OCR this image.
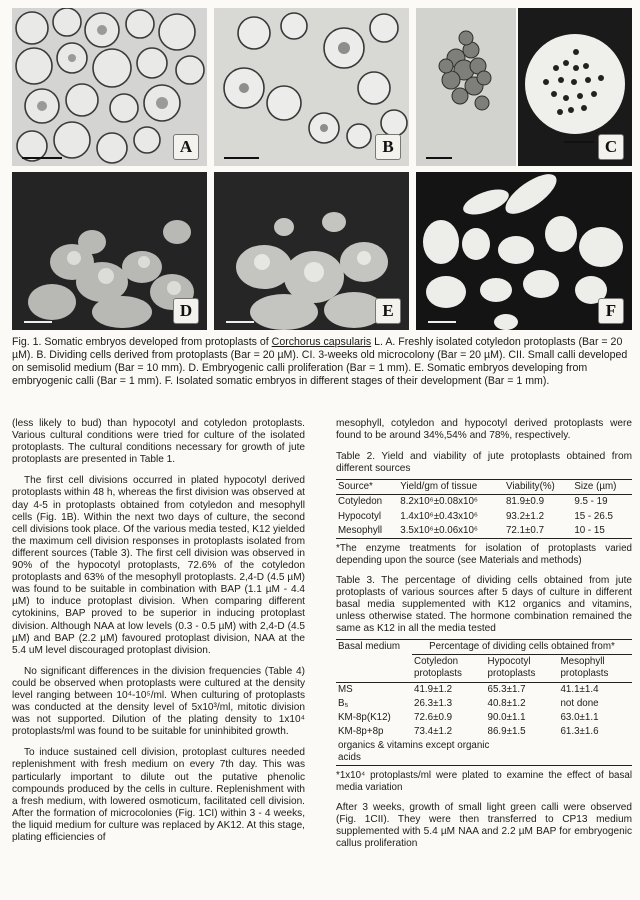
A	B	C
D	E	F
Fig. 1. Somatic embryos developed from protoplasts of Corchorus capsularis L. A. Freshly isolated cotyledon protoplasts (Bar = 20 µM). B. Dividing cells derived from protoplasts (Bar = 20 µM). CI. 3-weeks old microcolony (Bar = 20 µM). CII. Small calli developed on semisolid medium (Bar = 10 mm). D. Embryogenic calli proliferation (Bar = 1 mm). E. Somatic embryos developing from embryogenic calli (Bar = 1 mm). F. Isolated somatic embryos in different stages of their development (Bar = 1 mm).

(less likely to bud) than hypocotyl and cotyledon protoplasts. Various cultural conditions were tried for culture of the isolated protoplasts. The cultural conditions necessary for growth of jute protoplasts are presented in Table 1.

The first cell divisions occurred in plated hypocotyl derived protoplasts within 48 h, whereas the first division was observed at day 4-5 in protoplasts obtained from cotyledon and mesophyll cells (Fig. 1B). Within the next two days of culture, the second cell divisions took place. Of the various media tested, K12 yielded the maximum cell division responses in protoplasts isolated from different sources (Table 3). The first cell division was observed in 90% of the hypocotyl protoplasts, 72.6% of the cotyledon protoplasts and 63% of the mesophyll protoplasts. 2,4-D (4.5 µM) was found to be suitable in combination with BAP (1.1 µM - 4.4 µM) to induce protoplast division. When comparing different cytokinins, BAP proved to be superior in inducing protoplast division. Although NAA at low levels (0.3 - 0.5 µM) with 2,4-D (4.5 µM) and BAP (2.2 µM) favoured protoplast division, NAA at the 5.4 uM level discouraged protoplast division.

No significant differences in the division frequencies (Table 4) could be observed when protoplasts were cultured at the density level ranging between 10⁴-10⁵/ml. When culturing of protoplasts was conducted at the density level of 5x10³/ml, mitotic division was not supported. Dilution of the plating density to 1x10⁴ protoplasts/ml was found to be suitable for uninhibited growth.

To induce sustained cell division, protoplast cultures needed replenishment with fresh medium on every 7th day. This was particularly important to dilute out the putative phenolic compounds produced by the cells in culture. Replenishment with a fresh medium, with lowered osmoticum, facilitated cell division. After the formation of microcolonies (Fig. 1CI) within 3 - 4 weeks, the liquid medium for culture was replaced by AK12. At this stage, plating efficiencies of

mesophyll, cotyledon and hypocotyl derived protoplasts were found to be around 34%,54% and 78%, respectively.

Table 2. Yield and viability of jute protoplasts obtained from different sources
Source*	Yield/gm of tissue	Viability(%)	Size (µm)
Cotyledon	8.2x10⁶±0.08x10⁶	81.9±0.9	9.5 - 19
Hypocotyl	1.4x10⁶±0.43x10⁶	93.2±1.2	15 - 26.5
Mesophyll	3.5x10⁶±0.06x10⁶	72.1±0.7	10 - 15
*The enzyme treatments for isolation of protoplasts varied depending upon the source (see Materials and methods)
Table 3. The percentage of dividing cells obtained from jute protoplasts of various sources after 5 days of culture in different basal media supplemented with K12 organics and vitamins, unless otherwise stated. The hormone combination remained the same as K12 in all the media tested
Basal medium	Percentage of dividing cells obtained from*		
	Cotyledon protoplasts	Hypocotyl protoplasts	Mesophyll protoplasts
MS	41.9±1.2	65.3±1.7	41.1±1.4
B₅	26.3±1.3	40.8±1.2	not done
KM-8p(K12)	72.6±0.9	90.0±1.1	63.0±1.1
KM-8p+8p	73.4±1.2	86.9±1.5	61.3±1.6
organics & vitamins except organic acids			
*1x10⁴ protoplasts/ml were plated to examine the effect of basal media variation

After 3 weeks, growth of small light green calli were observed (Fig. 1CII). They were then transferred to CP13 medium supplemented with 5.4 µM NAA and 2.2 µM BAP for embryogenic callus proliferation
